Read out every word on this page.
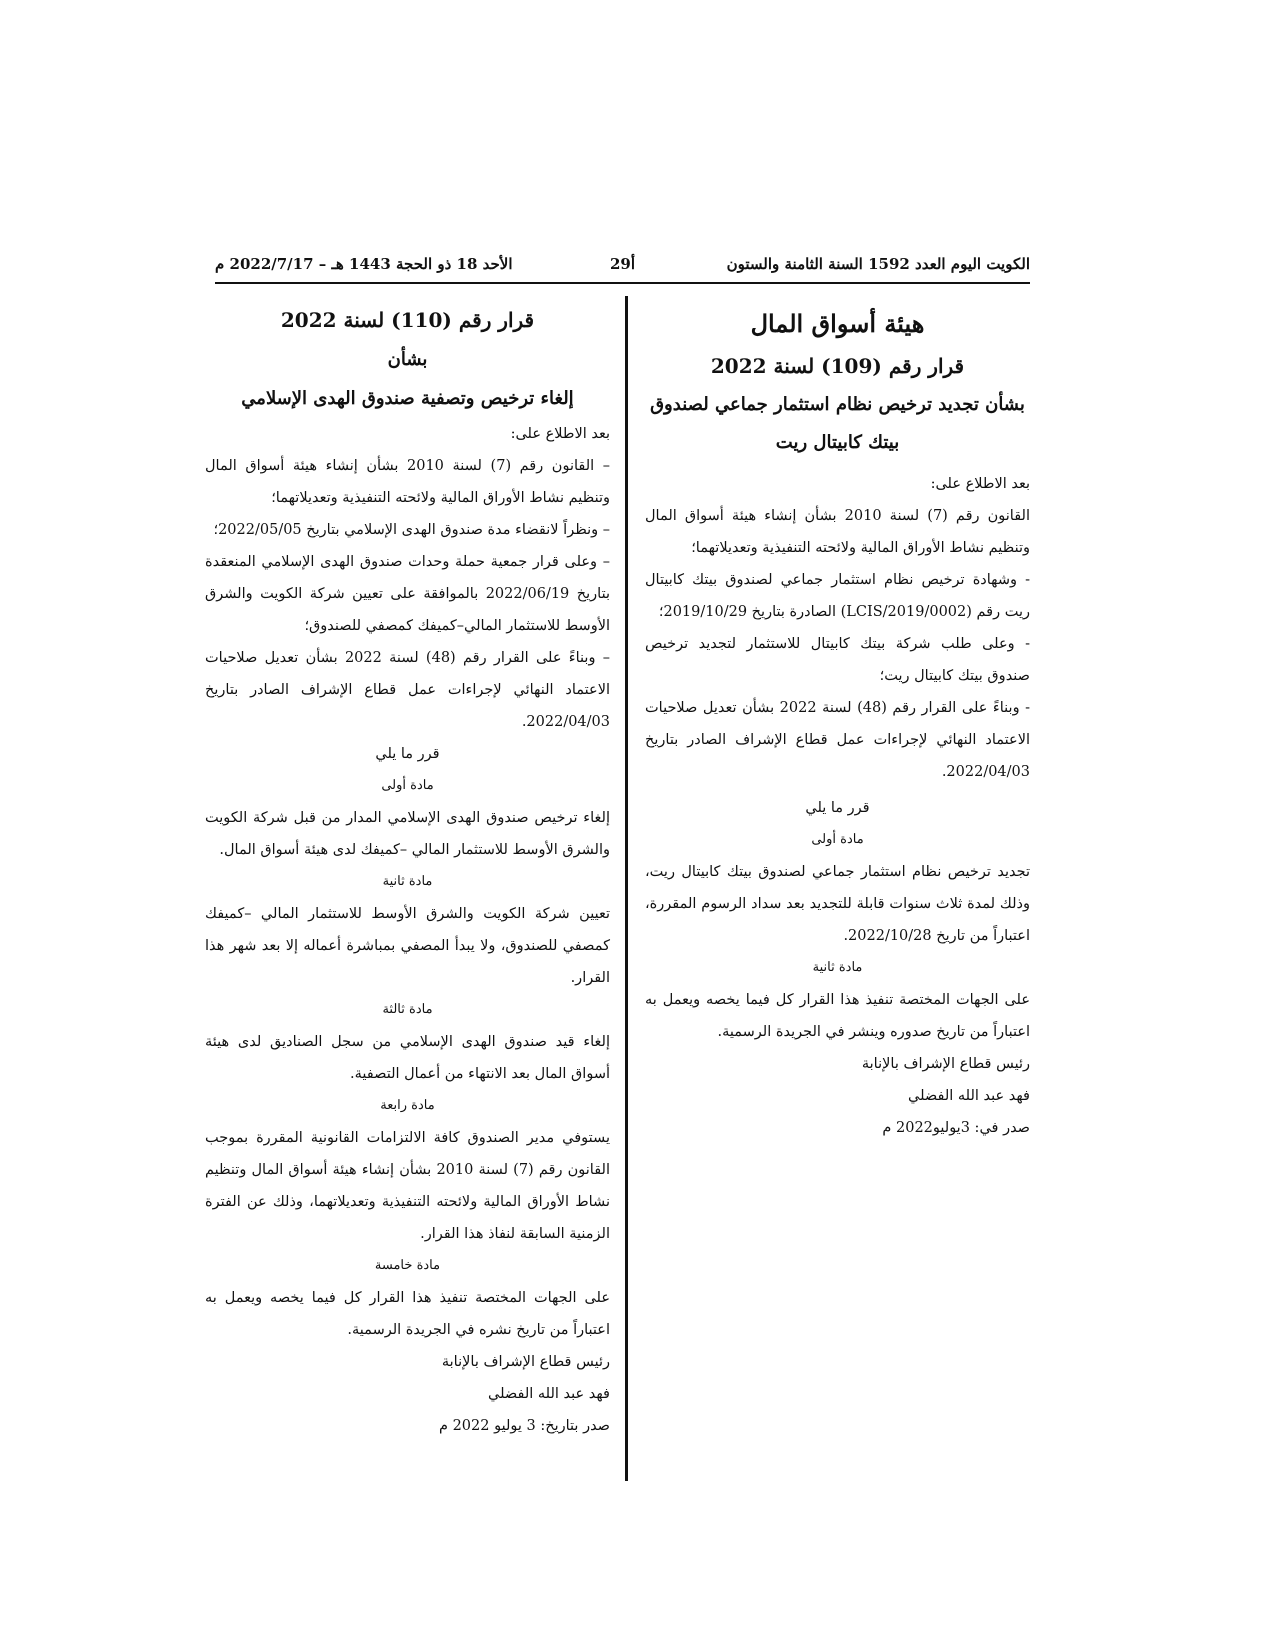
الكويت اليوم العدد 1592 السنة الثامنة والستون
29أ
الأحد 18 ذو الحجة 1443 هـ – 2022/7/17 م
هيئة أسواق المال
قرار رقم (109) لسنة 2022
بشأن تجديد ترخيص نظام استثمار جماعي لصندوق
بيتك كابيتال ريت

بعد الاطلاع على:

القانون رقم (7) لسنة 2010 بشأن إنشاء هيئة أسواق المال وتنظيم نشاط الأوراق المالية ولائحته التنفيذية وتعديلاتهما؛

- وشهادة ترخيص نظام استثمار جماعي لصندوق بيتك كابيتال ريت رقم (LCIS/2019/0002) الصادرة بتاريخ 2019/10/29؛

- وعلى طلب شركة بيتك كابيتال للاستثمار لتجديد ترخيص صندوق بيتك كابيتال ريت؛

- وبناءً على القرار رقم (48) لسنة 2022 بشأن تعديل صلاحيات الاعتماد النهائي لإجراءات عمل قطاع الإشراف الصادر بتاريخ 2022/04/03.

قرر ما يلي
مادة أولى

تجديد ترخيص نظام استثمار جماعي لصندوق بيتك كابيتال ريت، وذلك لمدة ثلاث سنوات قابلة للتجديد بعد سداد الرسوم المقررة، اعتباراً من تاريخ 2022/10/28.

مادة ثانية

على الجهات المختصة تنفيذ هذا القرار كل فيما يخصه ويعمل به اعتباراً من تاريخ صدوره وينشر في الجريدة الرسمية.

رئيس قطاع الإشراف بالإنابة

فهد عبد الله الفضلي

صدر في: 3يوليو2022 م

قرار رقم (110) لسنة 2022
بشأن
إلغاء ترخيص وتصفية صندوق الهدى الإسلامي

بعد الاطلاع على:

– القانون رقم (7) لسنة 2010 بشأن إنشاء هيئة أسواق المال وتنظيم نشاط الأوراق المالية ولائحته التنفيذية وتعديلاتهما؛

– ونظراً لانقضاء مدة صندوق الهدى الإسلامي بتاريخ 2022/05/05؛

– وعلى قرار جمعية حملة وحدات صندوق الهدى الإسلامي المنعقدة بتاريخ 2022/06/19 بالموافقة على تعيين شركة الكويت والشرق الأوسط للاستثمار المالي–كميفك كمصفي للصندوق؛

– وبناءً على القرار رقم (48) لسنة 2022 بشأن تعديل صلاحيات الاعتماد النهائي لإجراءات عمل قطاع الإشراف الصادر بتاريخ 2022/04/03.

قرر ما يلي
مادة أولى

إلغاء ترخيص صندوق الهدى الإسلامي المدار من قبل شركة الكويت والشرق الأوسط للاستثمار المالي –كميفك لدى هيئة أسواق المال.

مادة ثانية

تعيين شركة الكويت والشرق الأوسط للاستثمار المالي –كميفك كمصفي للصندوق، ولا يبدأ المصفي بمباشرة أعماله إلا بعد شهر هذا القرار.

مادة ثالثة

إلغاء قيد صندوق الهدى الإسلامي من سجل الصناديق لدى هيئة أسواق المال بعد الانتهاء من أعمال التصفية.

مادة رابعة

يستوفي مدير الصندوق كافة الالتزامات القانونية المقررة بموجب القانون رقم (7) لسنة 2010 بشأن إنشاء هيئة أسواق المال وتنظيم نشاط الأوراق المالية ولائحته التنفيذية وتعديلاتهما، وذلك عن الفترة الزمنية السابقة لنفاذ هذا القرار.

مادة خامسة

على الجهات المختصة تنفيذ هذا القرار كل فيما يخصه ويعمل به اعتباراً من تاريخ نشره في الجريدة الرسمية.

رئيس قطاع الإشراف بالإنابة

فهد عبد الله الفضلي

صدر بتاريخ: 3 يوليو 2022 م
